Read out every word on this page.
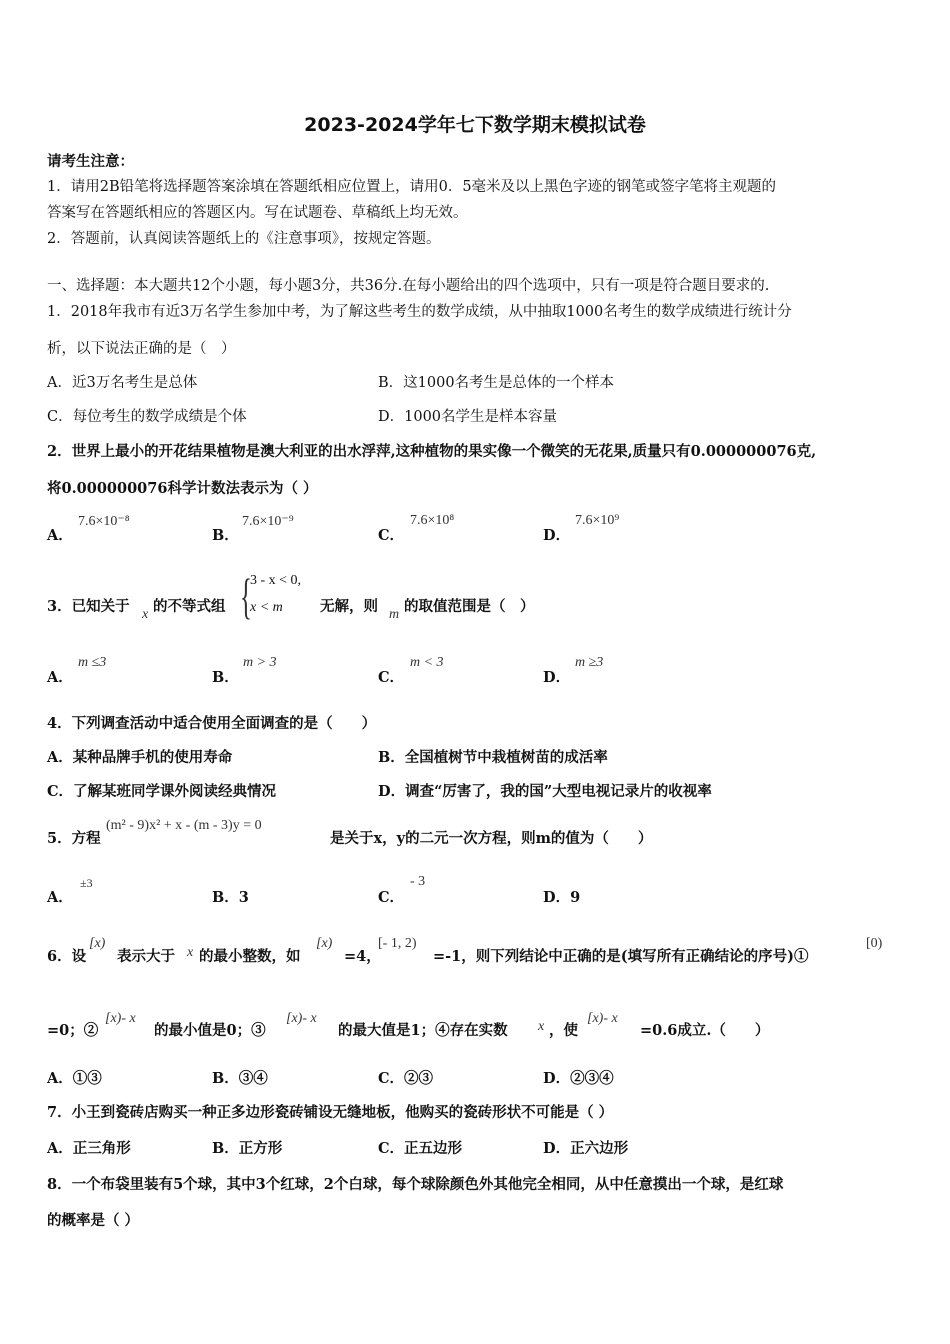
2023-2024学年七下数学期末模拟试卷
请考生注意：
1．请用2B铅笔将选择题答案涂填在答题纸相应位置上，请用0．5毫米及以上黑色字迹的钢笔或签字笔将主观题的
答案写在答题纸相应的答题区内。写在试题卷、草稿纸上均无效。
2．答题前，认真阅读答题纸上的《注意事项》，按规定答题。
一、选择题：本大题共12个小题，每小题3分，共36分.在每小题给出的四个选项中，只有一项是符合题目要求的.
1．2018年我市有近3万名学生参加中考，为了解这些考生的数学成绩，从中抽取1000名考生的数学成绩进行统计分
析，以下说法正确的是（　）
A．近3万名考生是总体	B．这1000名考生是总体的一个样本
C．每位考生的数学成绩是个体	D．1000名学生是样本容量
2．世界上最小的开花结果植物是澳大利亚的出水浮萍,这种植物的果实像一个微笑的无花果,质量只有0.000000076克,
将0.000000076科学计数法表示为（ ）
A．
7.6×10⁻⁸
B．
7.6×10⁻⁹
C．
7.6×10⁸
D．
7.6×10⁹
3．已知关于 x 的不等式组 {
3 - x < 0,
x < m	无解，则 m 的取值范围是（　）
A．
m ≤3
B．
m > 3
C．
m < 3
D．
m ≥3
4．下列调查活动中适合使用全面调查的是（　　）
A．某种品牌手机的使用寿命	B．全国植树节中栽植树苗的成活率
C．了解某班同学课外阅读经典情况	D．调查“厉害了，我的国”大型电视记录片的收视率
5．方程
(m² - 9)x² + x - (m - 3)y = 0
是关于x，y的二元一次方程，则m的值为（　　）
A．
±3
B．3	C．
- 3
D．9
6．设
[x)
表示大于 x 的最小整数，如
[x)
=4，
[- 1, 2)
=-1，则下列结论中正确的是(填写所有正确结论的序号)①
[0)
=0；②
[x)- x
的最小值是0；③
[x)- x
的最大值是1；④存在实数 x ，使
[x)- x
=0.6成立.（　　）
A．①③	B．③④	C．②③	D．②③④
7．小王到瓷砖店购买一种正多边形瓷砖铺设无缝地板，他购买的瓷砖形状不可能是（ ）
A．正三角形	B．正方形	C．正五边形	D．正六边形
8．一个布袋里装有5个球，其中3个红球，2个白球，每个球除颜色外其他完全相同，从中任意摸出一个球，是红球
的概率是（ ）
